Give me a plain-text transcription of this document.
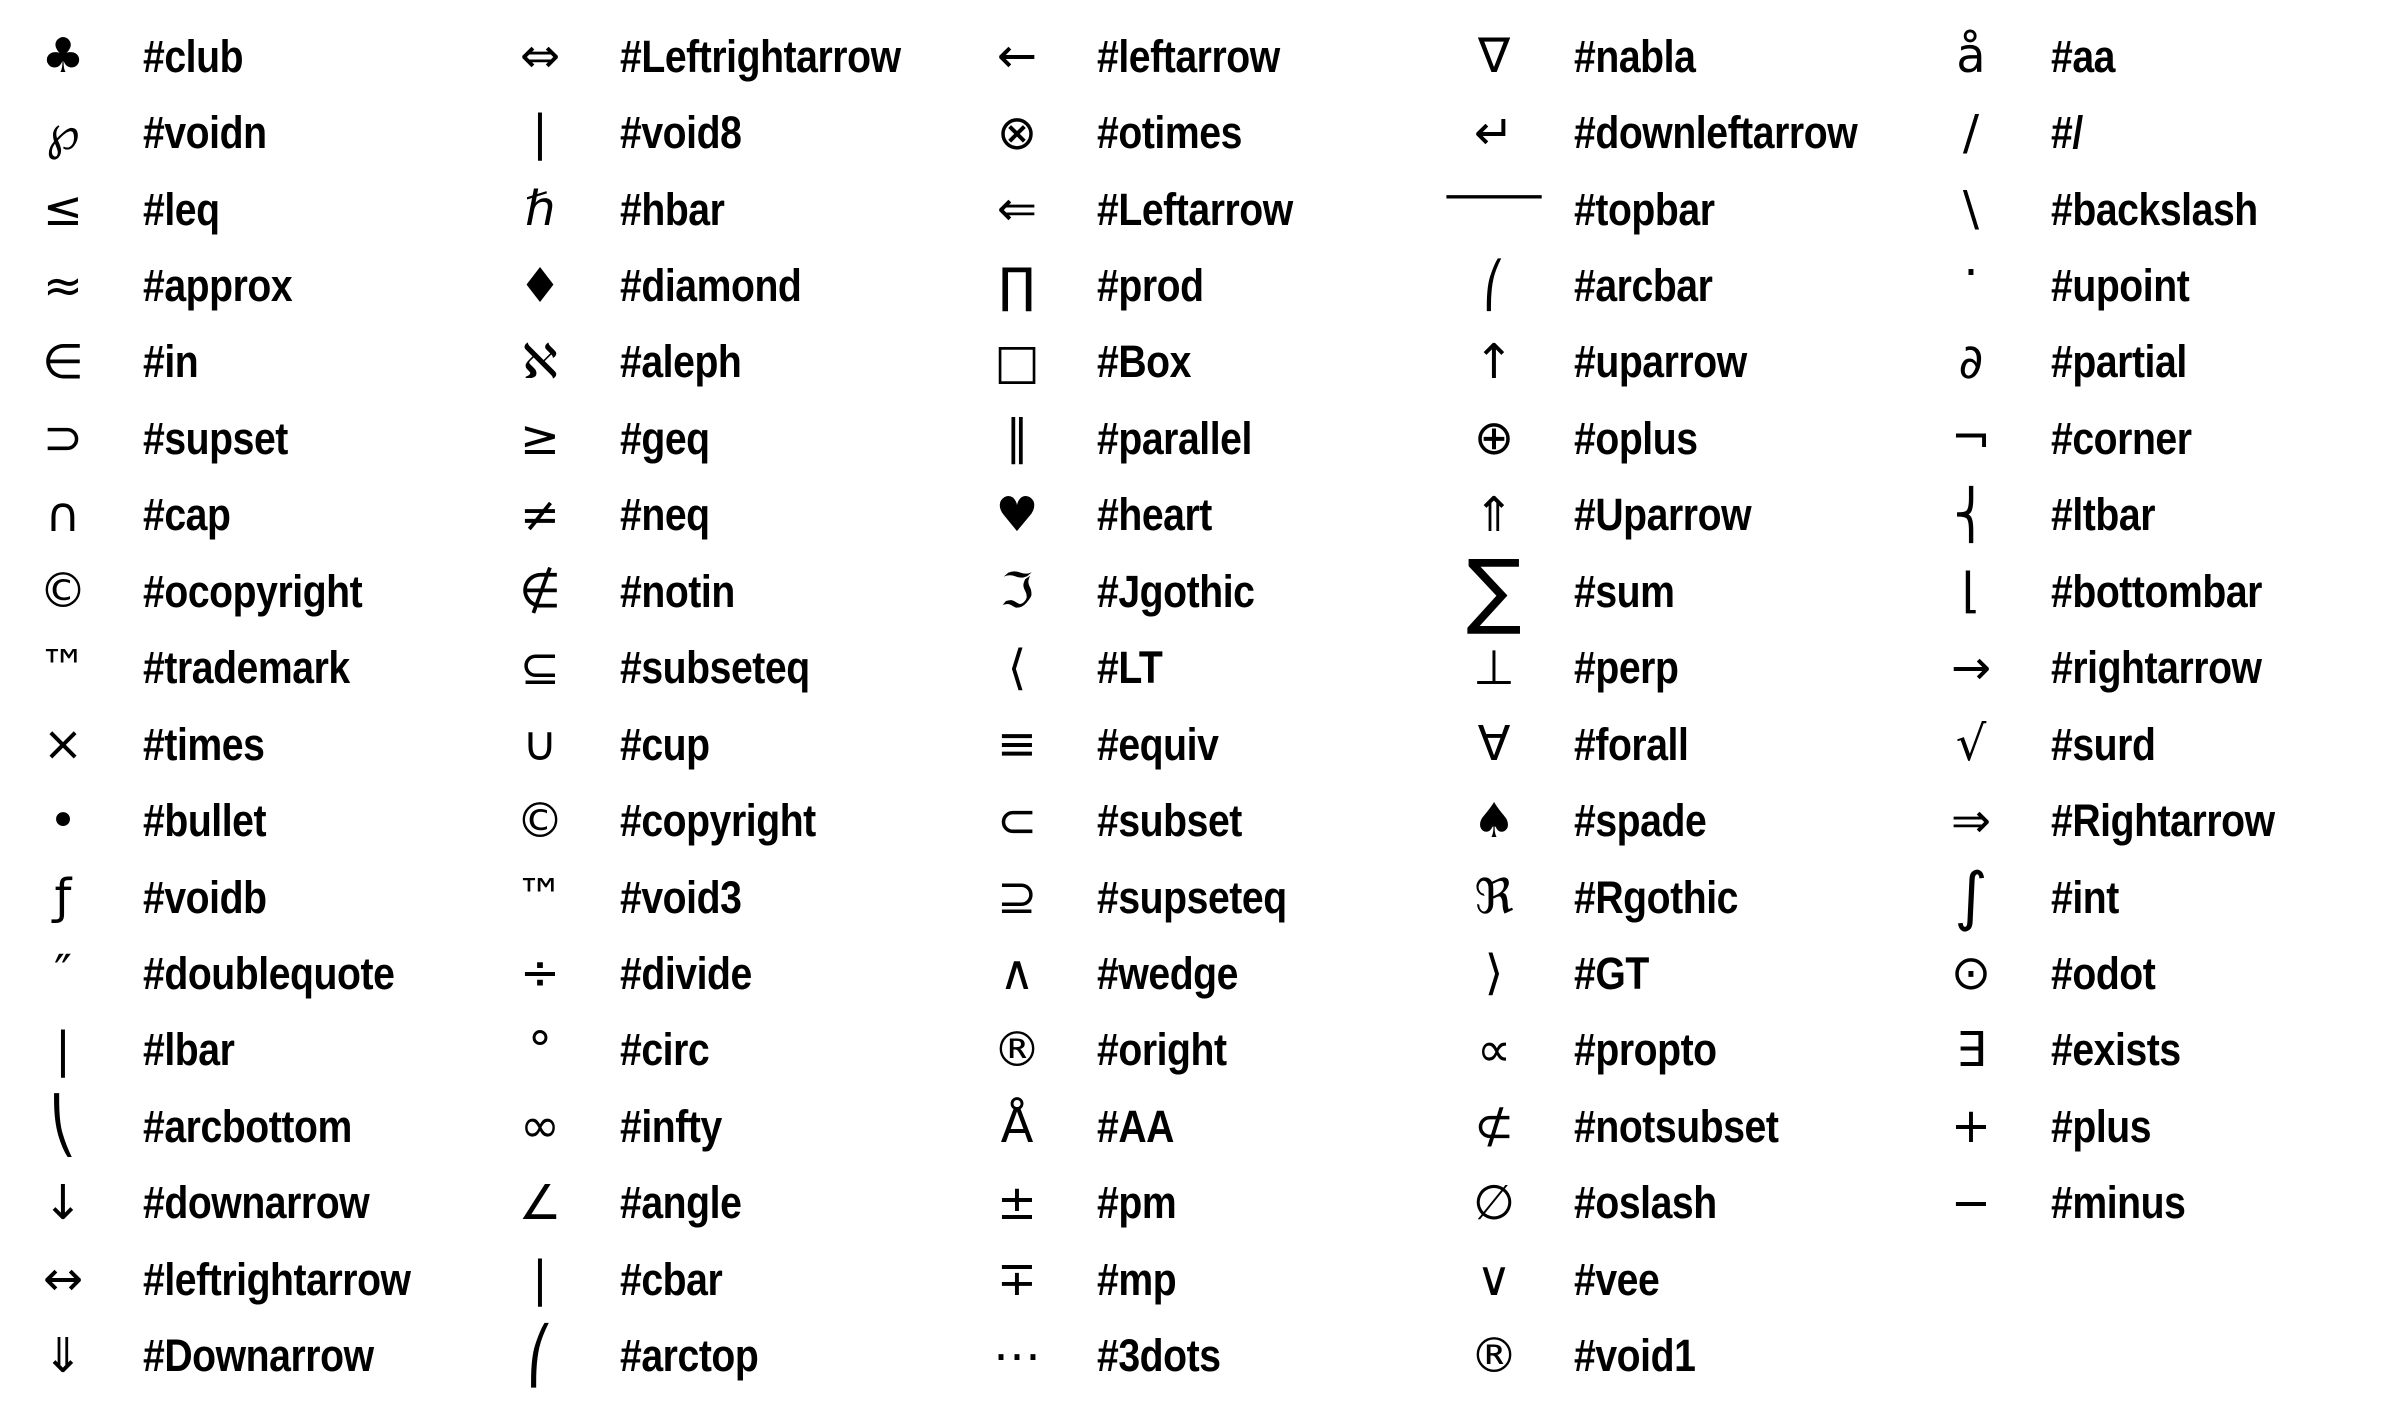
♣	#club
℘	#voidn
≤	#leq
≈	#approx
∈	#in
⊃	#supset
∩	#cap
©	#ocopyright
™	#trademark
×	#times
•	#bullet
ƒ	#voidb
″	#doublequote
|	#lbar
⎝	#arcbottom
↓	#downarrow
↔	#leftrightarrow
⇓	#Downarrow
⇔	#Leftrightarrow
|	#void8
ℏ	#hbar
♦	#diamond
ℵ	#aleph
≥	#geq
≠	#neq
∉	#notin
⊆	#subseteq
∪	#cup
©	#copyright
™	#void3
÷	#divide
°	#circ
∞	#infty
∠	#angle
|	#cbar
⎛	#arctop
←	#leftarrow
⊗	#otimes
⇐	#Leftarrow
∏	#prod
□	#Box
∥	#parallel
♥	#heart
ℑ	#Jgothic
⟨	#LT
≡	#equiv
⊂	#subset
⊇	#supseteq
∧	#wedge
®	#oright
Å	#AA
±	#pm
∓	#mp
⋯	#3dots
∇	#nabla
↵	#downleftarrow
— #topbar
⎛	#arcbar
↑	#uparrow
⊕	#oplus
⇑	#Uparrow
∑	#sum
⊥	#perp
∀	#forall
♠	#spade
ℜ	#Rgothic
⟩	#GT
∝	#propto
⊄	#notsubset
∅	#oslash
∨	#vee
®	#void1
å	#aa
/	#/
\	#backslash
·	#upoint
∂	#partial
¬	#corner
⎨	#ltbar
⌊	#bottombar
→	#rightarrow
√	#surd
⇒	#Rightarrow
∫	#int
⊙	#odot
∃	#exists
+	#plus
−	#minus
